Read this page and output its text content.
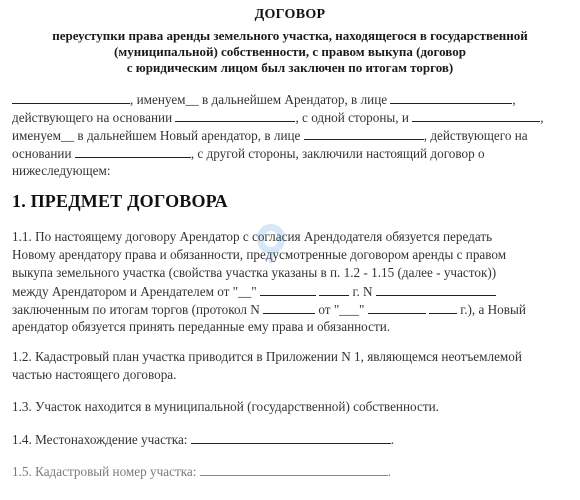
ДОГОВОР
переуступки права аренды земельного участка, находящегося в государственной
(муниципальной) собственности, с правом выкупа (договор
с юридическим лицом был заключен по итогам торгов)
, именуем__ в дальнейшем Арендатор, в лице	,
действующего на основании	, с одной стороны, и	,
именуем__ в дальнейшем Новый арендатор, в лице	, действующего на
основании	, с другой стороны, заключили настоящий договор о
нижеследующем:
1. ПРЕДМЕТ ДОГОВОРА
1.1. По настоящему договору Арендатор с согласия Арендодателя обязуется передать
Новому арендатору права и обязанности, предусмотренные договором аренды с правом
выкупа земельного участка (свойства участка указаны в п. 1.2 - 1.15 (далее - участок))
между Арендатором и Арендателем от "__"	г. N
заключенным по итогам торгов (протокол N	от "___"	г.), а Новый
арендатор обязуется принять переданные ему права и обязанности.
1.2. Кадастровый план участка приводится в Приложении N 1, являющемся неотъемлемой
частью настоящего договора.
1.3. Участок находится в муниципальной (государственной) собственности.
1.4. Местонахождение участка:	.
1.5. Кадастровый номер участка:	.
